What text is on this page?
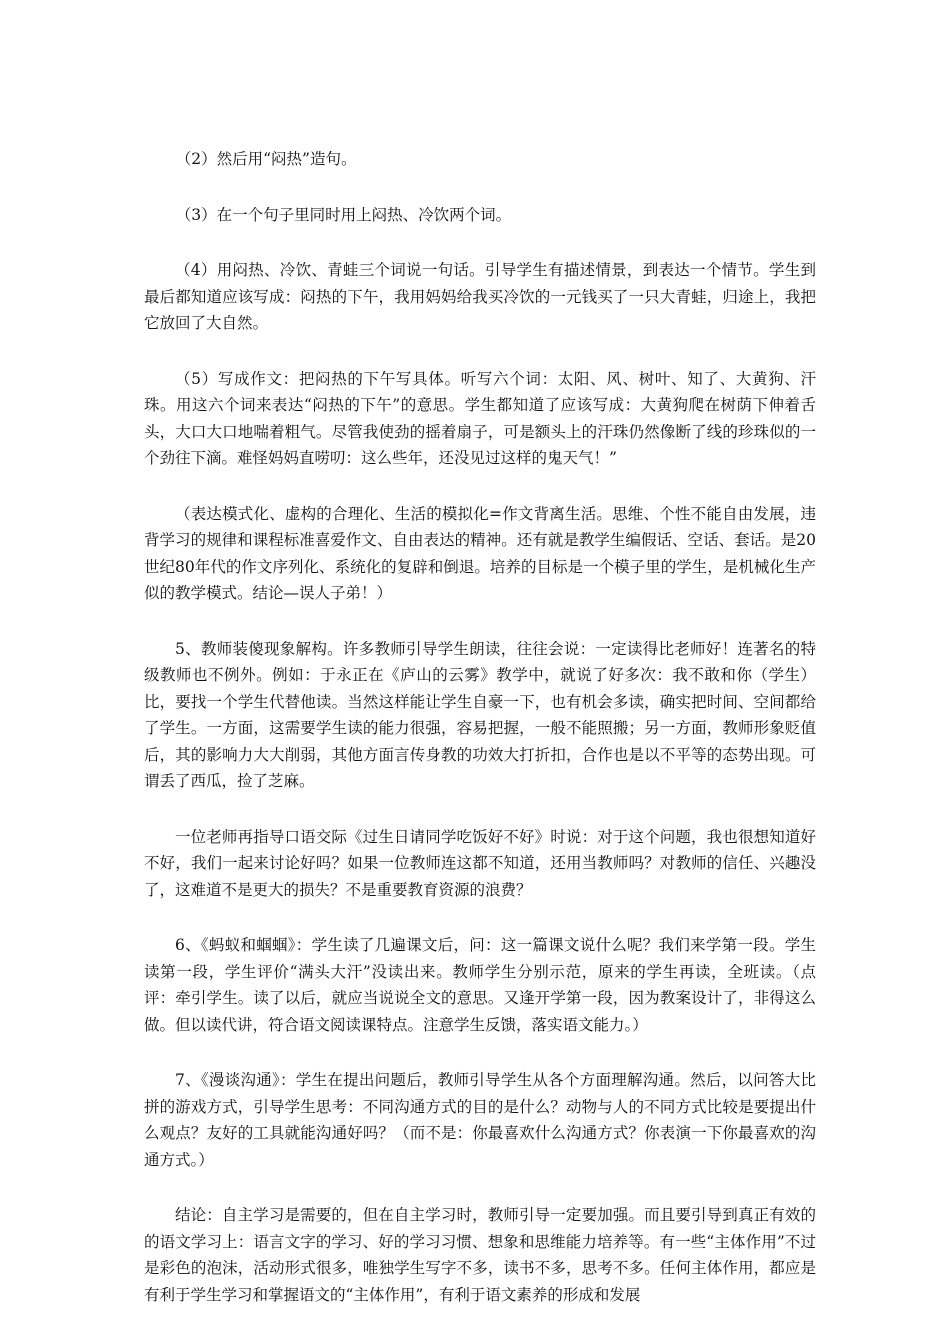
（2）然后用“闷热”造句。

（3）在一个句子里同时用上闷热、冷饮两个词。

（4）用闷热、冷饮、青蛙三个词说一句话。引导学生有描述情景，到表达一个情节。学生到最后都知道应该写成：闷热的下午，我用妈妈给我买冷饮的一元钱买了一只大青蛙，归途上，我把它放回了大自然。

（5）写成作文：把闷热的下午写具体。听写六个词：太阳、风、树叶、知了、大黄狗、汗珠。用这六个词来表达“闷热的下午”的意思。学生都知道了应该写成：大黄狗爬在树荫下伸着舌头，大口大口地喘着粗气。尽管我使劲的摇着扇子，可是额头上的汗珠仍然像断了线的珍珠似的一个劲往下滴。难怪妈妈直唠叨：这么些年，还没见过这样的鬼天气！”

（表达模式化、虚构的合理化、生活的模拟化=作文背离生活。思维、个性不能自由发展，违背学习的规律和课程标准喜爱作文、自由表达的精神。还有就是教学生编假话、空话、套话。是20世纪80年代的作文序列化、系统化的复辟和倒退。培养的目标是一个模子里的学生，是机械化生产似的教学模式。结论—误人子弟！）

5、教师装傻现象解构。许多教师引导学生朗读，往往会说：一定读得比老师好！连著名的特级教师也不例外。例如：于永正在《庐山的云雾》教学中，就说了好多次：我不敢和你（学生）比，要找一个学生代替他读。当然这样能让学生自豪一下，也有机会多读，确实把时间、空间都给了学生。一方面，这需要学生读的能力很强，容易把握，一般不能照搬；另一方面，教师形象贬值后，其的影响力大大削弱，其他方面言传身教的功效大打折扣，合作也是以不平等的态势出现。可谓丢了西瓜，捡了芝麻。

一位老师再指导口语交际《过生日请同学吃饭好不好》时说：对于这个问题，我也很想知道好不好，我们一起来讨论好吗？如果一位教师连这都不知道，还用当教师吗？对教师的信任、兴趣没了，这难道不是更大的损失？不是重要教育资源的浪费？

6、《蚂蚁和蝈蝈》：学生读了几遍课文后，问：这一篇课文说什么呢？我们来学第一段。学生读第一段，学生评价“满头大汗”没读出来。教师学生分别示范，原来的学生再读，全班读。（点评：牵引学生。读了以后，就应当说说全文的意思。又逢开学第一段，因为教案设计了，非得这么做。但以读代讲，符合语文阅读课特点。注意学生反馈，落实语文能力。）

7、《漫谈沟通》：学生在提出问题后，教师引导学生从各个方面理解沟通。然后，以问答大比拼的游戏方式，引导学生思考：不同沟通方式的目的是什么？动物与人的不同方式比较是要提出什么观点？友好的工具就能沟通好吗？（而不是：你最喜欢什么沟通方式？你表演一下你最喜欢的沟通方式。）

结论：自主学习是需要的，但在自主学习时，教师引导一定要加强。而且要引导到真正有效的的语文学习上：语言文字的学习、好的学习习惯、想象和思维能力培养等。有一些“主体作用”不过是彩色的泡沫，活动形式很多，唯独学生写字不多，读书不多，思考不多。任何主体作用，都应是有利于学生学习和掌握语文的“主体作用”，有利于语文素养的形成和发展
